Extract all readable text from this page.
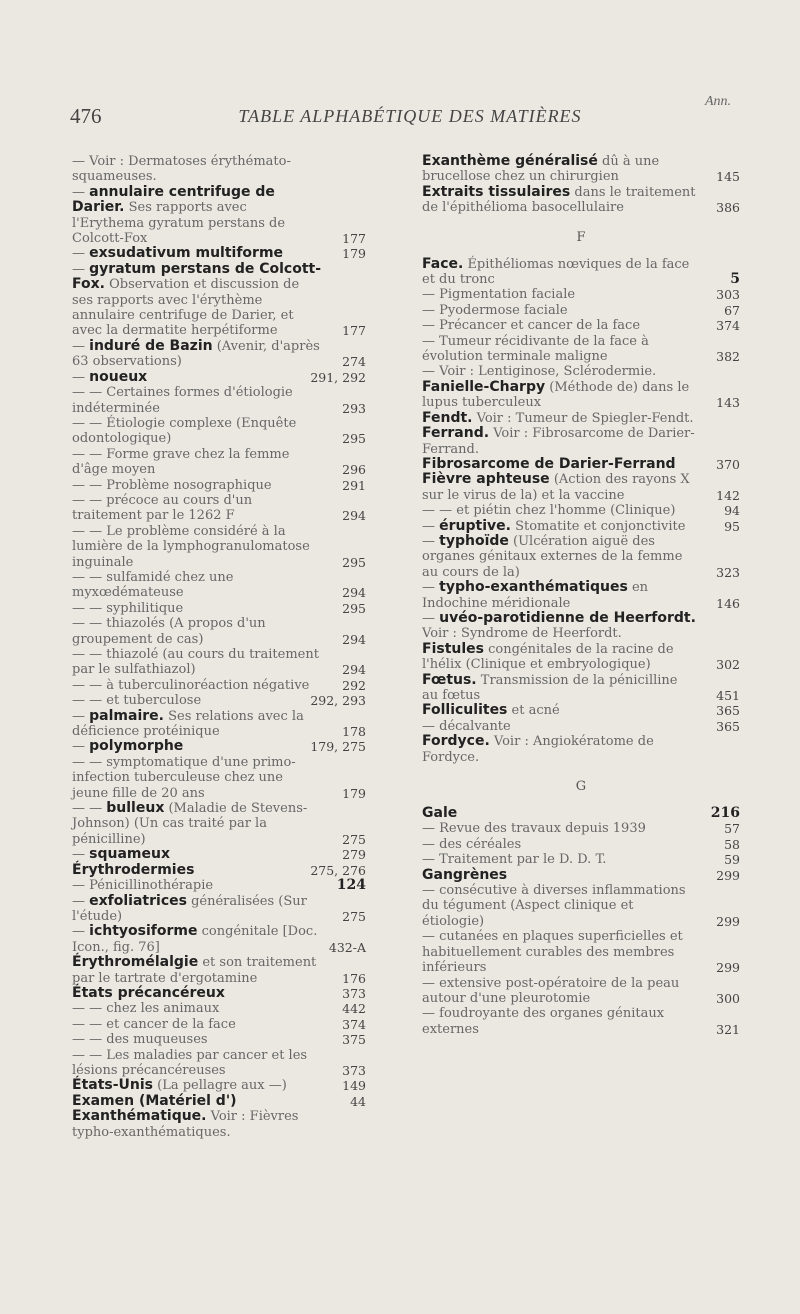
476	TABLE ALPHABÉTIQUE DES MATIÈRES
Ann.
— Voir : Dermatoses érythémato-squameuses.
— annulaire centrifuge de Darier. Ses rapports avec l'Erythema gyratum perstans de Colcott-Fox	177
— exsudativum multiforme	179
— gyratum perstans de Colcott-Fox. Observation et discussion de ses rapports avec l'érythème annulaire centrifuge de Darier, et avec la dermatite herpétiforme	177
— induré de Bazin (Avenir, d'après 63 observations)	274
— noueux	291, 292
— — Certaines formes d'étiologie indéterminée	293
— — Étiologie complexe (Enquête odontologique)	295
— — Forme grave chez la femme d'âge moyen	296
— — Problème nosographique	291
— — précoce au cours d'un traitement par le 1262 F	294
— — Le problème considéré à la lumière de la lymphogranulomatose inguinale	295
— — sulfamidé chez une myxœdémateuse	294
— — syphilitique	295
— — thiazolés (A propos d'un groupement de cas)	294
— — thiazolé (au cours du traitement par le sulfathiazol)	294
— — à tuberculinoréaction négative	292
— — et tuberculose	292, 293
— palmaire. Ses relations avec la déficience protéinique	178
— polymorphe	179, 275
— — symptomatique d'une primo-infection tuberculeuse chez une jeune fille de 20 ans	179
— — bulleux (Maladie de Stevens-Johnson) (Un cas traité par la pénicilline)	275
— squameux	279
Érythrodermies	275, 276
— Pénicillinothérapie	124
— exfoliatrices généralisées (Sur l'étude)	275
— ichtyosiforme congénitale [Doc. Icon., fig. 76]	432-A
Érythromélalgie et son traitement par le tartrate d'ergotamine	176
États précancéreux	373
— — chez les animaux	442
— — et cancer de la face	374
— — des muqueuses	375
— — Les maladies par cancer et les lésions précancéreuses	373
États-Unis (La pellagre aux —)	149
Examen (Matériel d')	44
Exanthématique. Voir : Fièvres typho-exanthématiques.
Exanthème généralisé dû à une brucellose chez un chirurgien	145
Extraits tissulaires dans le traitement de l'épithélioma basocellulaire	386
F
Face. Épithéliomas nœviques de la face et du tronc	5
— Pigmentation faciale	303
— Pyodermose faciale	67
— Précancer et cancer de la face	374
— Tumeur récidivante de la face à évolution terminale maligne	382
— Voir : Lentiginose, Sclérodermie.
Fanielle-Charpy (Méthode de) dans le lupus tuberculeux	143
Fendt. Voir : Tumeur de Spiegler-Fendt.
Ferrand. Voir : Fibrosarcome de Darier-Ferrand.
Fibrosarcome de Darier-Ferrand	370
Fièvre aphteuse (Action des rayons X sur le virus de la) et la vaccine	142
— — et piétin chez l'homme (Clinique)	94
— éruptive. Stomatite et conjonctivite	95
— typhoïde (Ulcération aiguë des organes génitaux externes de la femme au cours de la)	323
— typho-exanthématiques en Indochine méridionale	146
— uvéo-parotidienne de Heerfordt. Voir : Syndrome de Heerfordt.
Fistules congénitales de la racine de l'hélix (Clinique et embryologique)	302
Fœtus. Transmission de la pénicilline au fœtus	451
Folliculites et acné	365
— décalvante	365
Fordyce. Voir : Angiokératome de Fordyce.
G
Gale	216
— Revue des travaux depuis 1939	57
— des céréales	58
— Traitement par le D. D. T.	59
Gangrènes	299
— consécutive à diverses inflammations du tégument (Aspect clinique et étiologie)	299
— cutanées en plaques superficielles et habituellement curables des membres inférieurs	299
— extensive post-opératoire de la peau autour d'une pleurotomie	300
— foudroyante des organes génitaux externes	321
